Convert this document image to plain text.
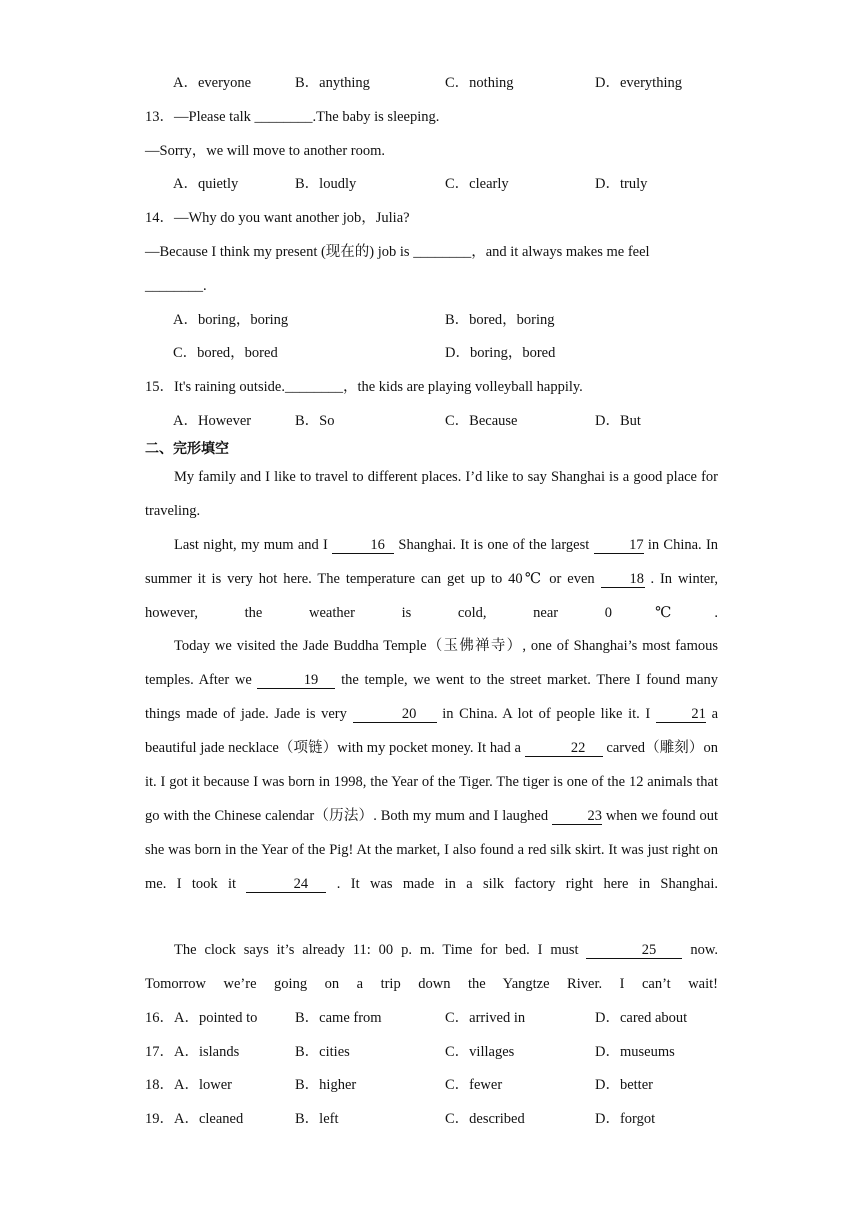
A．everyone	B．anything	C．nothing	D．everything
13．—Please talk ________.The baby is sleeping.
—Sorry，we will move to another room.
A．quietly	B．loudly	C．clearly	D．truly
14．—Why do you want another job，Julia?
—Because I think my present (现在的) job is ________，and it always makes me feel
________.
A．boring，boring	B．bored，boring
C．bored，bored	D．boring，bored
15．It's raining outside.________，the kids are playing volleyball happily.
A．However	B．So	C．Because	D．But
二、完形填空
My family and I like to travel to different places. I’d like to say Shanghai is a good place for traveling.
Last night, my mum and I	16 Shanghai. It is one of the largest	17 in China. In summer it is very hot here. The temperature can get up to 40℃ or even 18 . In winter, however, the weather is cold, near 0℃.
Today we visited the Jade Buddha Temple（玉佛禅寺）, one of Shanghai’s most famous temples. After we	19 the temple, we went to the street market. There I found many things made of jade. Jade is very	20 in China. A lot of people like it. I	21 a beautiful jade necklace（项链）with my pocket money. It had a	22 carved（雕刻）on it. I got it because I was born in 1998, the Year of the Tiger. The tiger is one of the 12 animals that go with the Chinese calendar（历法）. Both my mum and I laughed	23 when we found out she was born in the Year of the Pig! At the market, I also found a red silk skirt. It was just right on me. I took it	24 . It was made in a silk factory right here in Shanghai.
The clock says it’s already 11: 00 p. m. Time for bed. I must	25 now. Tomorrow we’re going on a trip down the Yangtze River. I can’t wait!
16．A．pointed to	B．came from	C．arrived in	D．cared about
17．A．islands	B．cities	C．villages	D．museums
18．A．lower	B．higher	C．fewer	D．better
19．A．cleaned	B．left	C．described	D．forgot
